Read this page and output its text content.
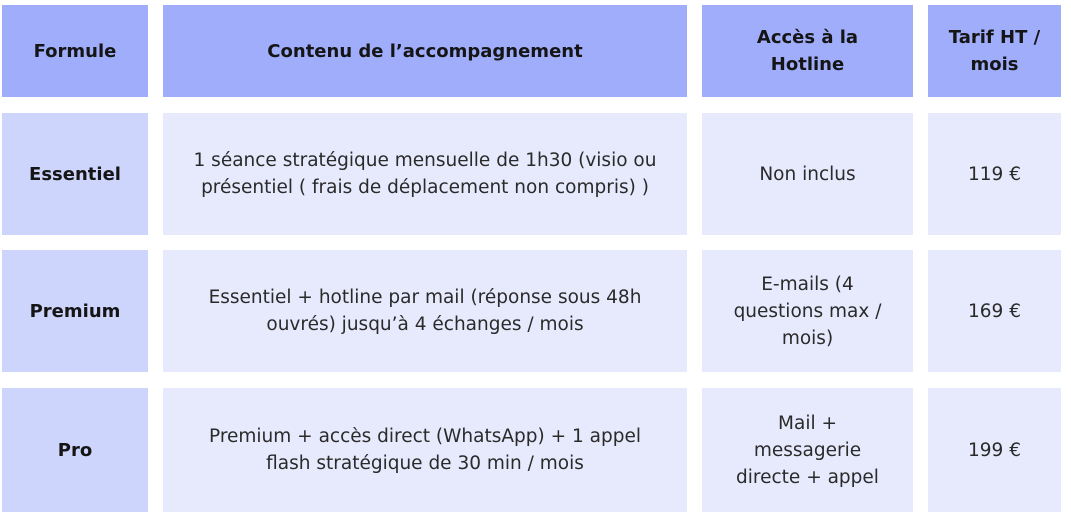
Formule	Contenu de l’accompagnement
Accès à la Hotline
Tarif HT / mois
Essentiel
1 séance stratégique mensuelle de 1h30 (visio ou présentiel ( frais de déplacement non compris) )
Non inclus	119 €
Premium
Essentiel + hotline par mail (réponse sous 48h ouvrés) jusqu’à 4 échanges / mois
E-mails (4 questions max / mois)
169 €
Pro
Premium + accès direct (WhatsApp) + 1 appel flash stratégique de 30 min / mois
Mail + messagerie directe + appel
199 €
